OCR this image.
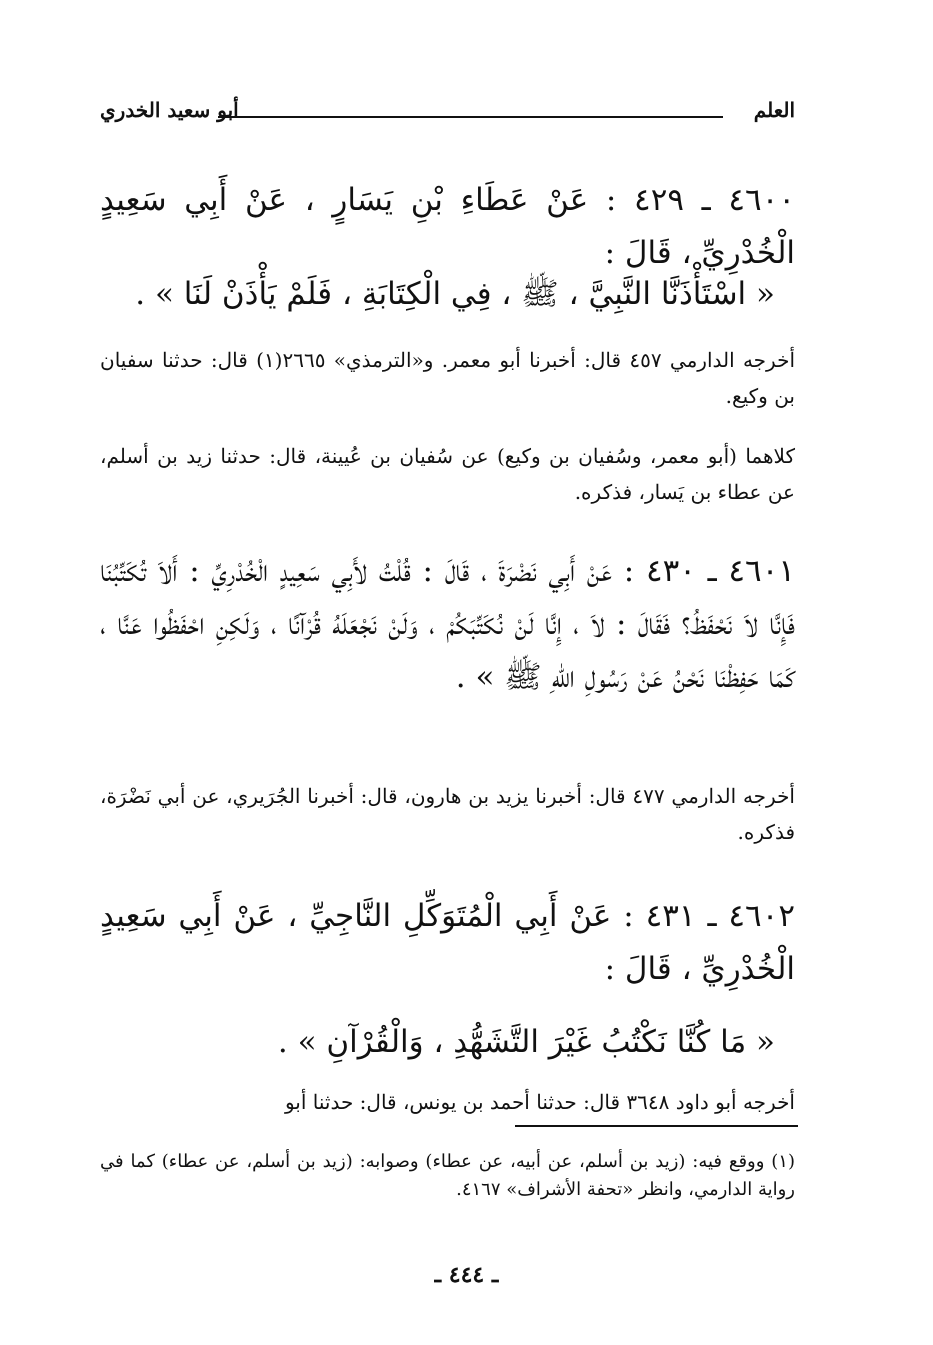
العلم
أبو سعيد الخدري
٤٦٠٠ ـ ٤٢٩ : عَنْ عَطَاءِ بْنِ يَسَارٍ ، عَنْ أَبِي سَعِيدٍ الْخُدْرِيِّ ، قَالَ :
« اسْتَأْذَنَّا النَّبِيَّ ، ﷺ ، فِي الْكِتَابَةِ ، فَلَمْ يَأْذَنْ لَنَا » .
أخرجه الدارمي ٤٥٧ قال: أخبرنا أبو معمر. و«الترمذي» ٢٦٦٥(١) قال: حدثنا سفيان بن وكيع.
كلاهما (أبو معمر، وسُفيان بن وكيع) عن سُفيان بن عُيينة، قال: حدثنا زيد بن أسلم، عن عطاء بن يَسار، فذكره.
٤٦٠١ ـ ٤٣٠ : عَنْ أَبِي نَضْرَةَ ، قَالَ : قُلْتُ لأَبِي سَعِيدٍ الْخُدْرِيِّ : أَلاَ تُكَتِّبُنَا فَإِنَّا لاَ نَحْفَظُ؟ فَقَالَ : لاَ ، إِنَّا لَنْ نُكَتِّبَكُمْ ، وَلَنْ نَجْعَلَهُ قُرْآنًا ، وَلَكِنِ احْفَظُوا عَنَّا ، كَمَا حَفِظْنَا نَحْنُ عَنْ رَسُولِ اللهِ ﷺ » .
أخرجه الدارمي ٤٧٧ قال: أخبرنا يزيد بن هارون، قال: أخبرنا الجُرَيري، عن أبي نَضْرَة، فذكره.
٤٦٠٢ ـ ٤٣١ : عَنْ أَبِي الْمُتَوَكِّلِ النَّاجِيِّ ، عَنْ أَبِي سَعِيدٍ الْخُدْرِيِّ ، قَالَ :
« مَا كُنَّا نَكْتُبُ غَيْرَ التَّشَهُّدِ ، وَالْقُرْآنِ » .
أخرجه أبو داود ٣٦٤٨ قال: حدثنا أحمد بن يونس، قال: حدثنا أبو
(١) ووقع فيه: (زيد بن أسلم، عن أبيه، عن عطاء) وصوابه: (زيد بن أسلم، عن عطاء) كما في رواية الدارمي، وانظر «تحفة الأشراف» ٤١٦٧.
ـ ٤٤٤ ـ
